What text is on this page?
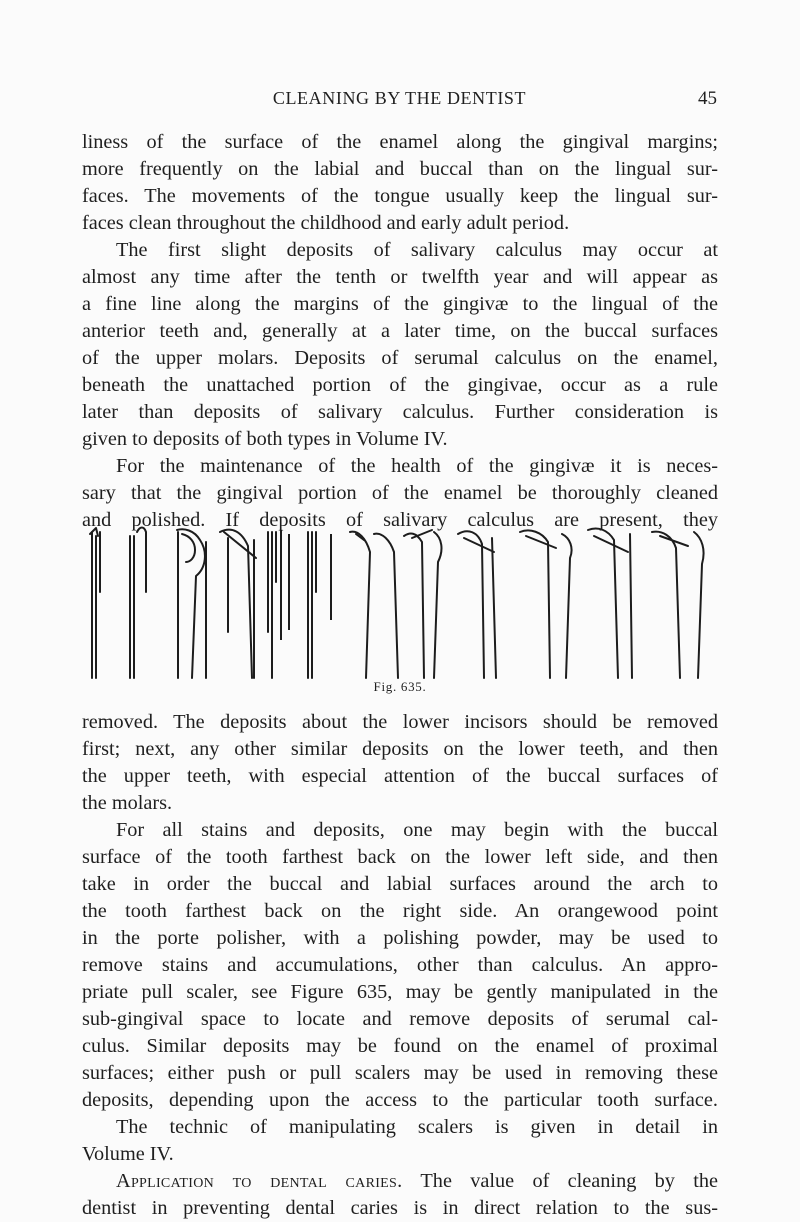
CLEANING BY THE DENTIST	45
liness of the surface of the enamel along the gingival margins;
more frequently on the labial and buccal than on the lingual sur-
faces. The movements of the tongue usually keep the lingual sur-
faces clean throughout the childhood and early adult period.
The first slight deposits of salivary calculus may occur at
almost any time after the tenth or twelfth year and will appear as
a fine line along the margins of the gingivæ to the lingual of the
anterior teeth and, generally at a later time, on the buccal surfaces
of the upper molars. Deposits of serumal calculus on the enamel,
beneath the unattached portion of the gingivae, occur as a rule
later than deposits of salivary calculus. Further consideration is
given to deposits of both types in Volume IV.
For the maintenance of the health of the gingivæ it is neces-
sary that the gingival portion of the enamel be thoroughly cleaned
Fig. 635.
and polished. If deposits of salivary calculus are present, they
removed. The deposits about the lower incisors should be removed
first; next, any other similar deposits on the lower teeth, and then
the upper teeth, with especial attention of the buccal surfaces of
the molars.
For all stains and deposits, one may begin with the buccal
surface of the tooth farthest back on the lower left side, and then
take in order the buccal and labial surfaces around the arch to
the tooth farthest back on the right side. An orangewood point
in the porte polisher, with a polishing powder, may be used to
remove stains and accumulations, other than calculus. An appro-
priate pull scaler, see Figure 635, may be gently manipulated in the
sub-gingival space to locate and remove deposits of serumal cal-
culus. Similar deposits may be found on the enamel of proximal
surfaces; either push or pull scalers may be used in removing these
deposits, depending upon the access to the particular tooth surface.
The technic of manipulating scalers is given in detail in
Volume IV.
Application to dental caries. The value of cleaning by the
dentist in preventing dental caries is in direct relation to the sus-
